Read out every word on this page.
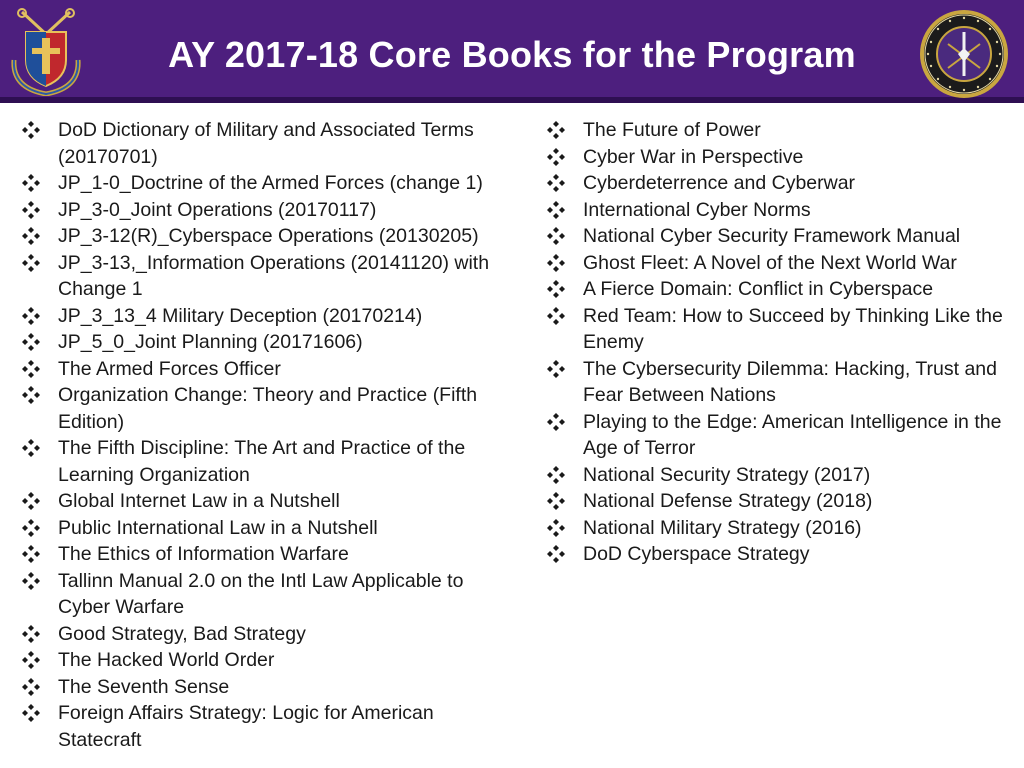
AY 2017-18 Core Books for the Program
DoD Dictionary of Military and Associated Terms (20170701)
JP_1-0_Doctrine of the Armed Forces (change 1)
JP_3-0_Joint Operations (20170117)
JP_3-12(R)_Cyberspace Operations (20130205)
JP_3-13,_Information Operations (20141120) with Change 1
JP_3_13_4 Military Deception (20170214)
JP_5_0_Joint Planning (20171606)
The Armed Forces Officer
Organization Change: Theory and Practice (Fifth Edition)
The Fifth Discipline: The Art and Practice of the Learning Organization
Global Internet Law in a Nutshell
Public International Law in a Nutshell
The Ethics of Information Warfare
Tallinn Manual 2.0 on the Intl Law Applicable to Cyber Warfare
Good Strategy, Bad Strategy
The Hacked World Order
The Seventh Sense
Foreign Affairs Strategy: Logic for American Statecraft
The Future of Power
Cyber War in Perspective
Cyberdeterrence and Cyberwar
International Cyber Norms
National Cyber Security Framework Manual
Ghost Fleet: A Novel of the Next World War
A Fierce Domain: Conflict in Cyberspace
Red Team: How to Succeed by Thinking Like the Enemy
The Cybersecurity Dilemma: Hacking, Trust and Fear Between Nations
Playing to the Edge: American Intelligence in the Age of Terror
National Security Strategy (2017)
National Defense Strategy (2018)
National Military Strategy (2016)
DoD Cyberspace Strategy
